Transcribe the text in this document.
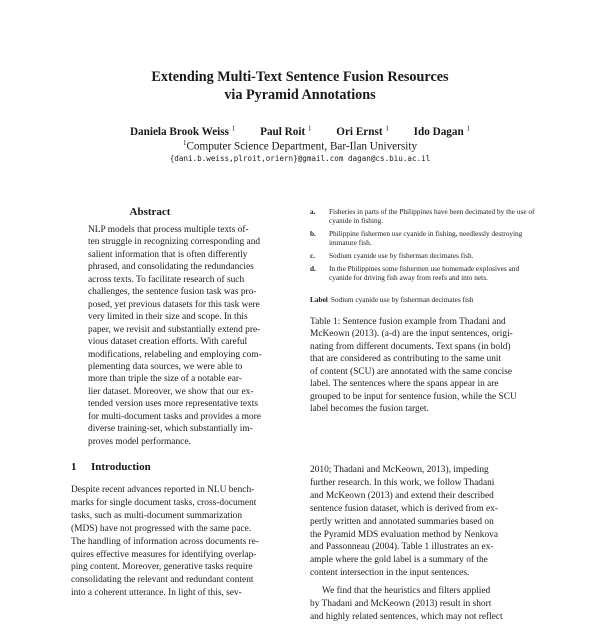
Extending Multi-Text Sentence Fusion Resources
via Pyramid Annotations
Daniela Brook Weiss $^1$ Paul Roit $^1$ Ori Ernst $^1$ Ido Dagan $^1$
$^1$Computer Science Department, Bar-Ilan University
{dani.b.weiss,plroit,oriern}@gmail.com dagan@cs.biu.ac.il
Abstract
NLP models that process multiple texts of-
ten struggle in recognizing corresponding and
salient information that is often differently
phrased, and consolidating the redundancies
across texts. To facilitate research of such
challenges, the sentence fusion task was pro-
posed, yet previous datasets for this task were
very limited in their size and scope. In this
paper, we revisit and substantially extend pre-
vious dataset creation efforts. With careful
modifications, relabeling and employing com-
plementing data sources, we were able to
more than triple the size of a notable ear-
lier dataset. Moreover, we show that our ex-
tended version uses more representative texts
for multi-document tasks and provides a more
diverse training-set, which substantially im-
proves model performance.
1 Introduction
Despite recent advances reported in NLU bench-
marks for single document tasks, cross-document
tasks, such as multi-document summarization
(MDS) have not progressed with the same pace.
The handling of information across documents re-
quires effective measures for identifying overlap-
ping content. Moreover, generative tasks require
consolidating the relevant and redundant content
into a coherent utterance. In light of this, sev-
a.	Fisheries in parts of the Philippines have been decimated by the use of cyanide in fishing.
b.	Philippine fishermen use cyanide in fishing, needlessly destroying immature fish.
c.	Sodium cyanide use by fisherman decimates fish.
d.	In the Philippines some fishermen use homemade explosives and cyanide for driving fish away from reefs and into nets.
Label Sodium cyanide use by fisherman decimates fish
Table 1: Sentence fusion example from Thadani and
McKeown (2013). (a-d) are the input sentences, origi-
nating from different documents. Text spans (in bold)
that are considered as contributing to the same unit
of content (SCU) are annotated with the same concise
label. The sentences where the spans appear in are
grouped to be input for sentence fusion, while the SCU
label becomes the fusion target.

2010; Thadani and McKeown, 2013), impeding
further research. In this work, we follow Thadani
and McKeown (2013) and extend their described
sentence fusion dataset, which is derived from ex-
pertly written and annotated summaries based on
the Pyramid MDS evaluation method by Nenkova
and Passonneau (2004). Table 1 illustrates an ex-
ample where the gold label is a summary of the
content intersection in the input sentences.

We find that the heuristics and filters applied
by Thadani and McKeown (2013) result in short
and highly related sentences, which may not reflect
